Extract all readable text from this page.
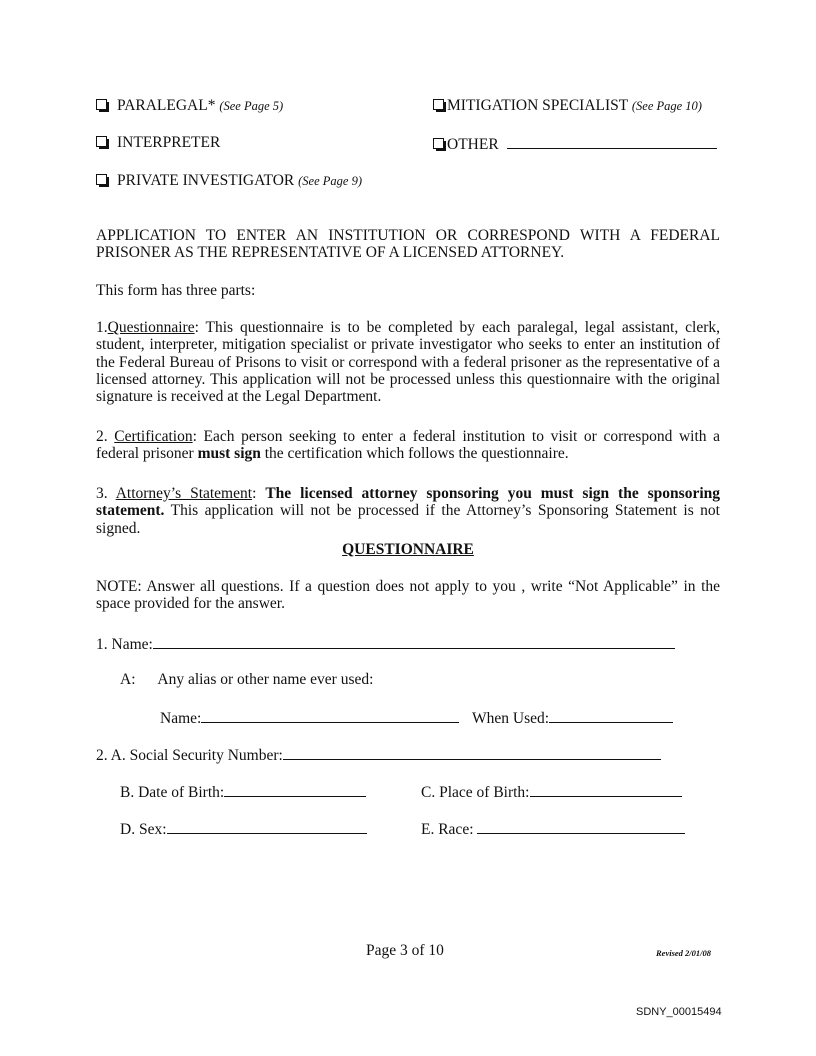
PARALEGAL* (See Page 5)	MITIGATION SPECIALIST (See Page 10)
INTERPRETER	OTHER
PRIVATE INVESTIGATOR (See Page 9)
APPLICATION TO ENTER AN INSTITUTION OR CORRESPOND WITH A FEDERAL PRISONER AS THE REPRESENTATIVE OF A LICENSED ATTORNEY.
This form has three parts:
1.Questionnaire: This questionnaire is to be completed by each paralegal, legal assistant, clerk, student, interpreter, mitigation specialist or private investigator who seeks to enter an institution of the Federal Bureau of Prisons to visit or correspond with a federal prisoner as the representative of a licensed attorney. This application will not be processed unless this questionnaire with the original signature is received at the Legal Department.
2. Certification: Each person seeking to enter a federal institution to visit or correspond with a federal prisoner must sign the certification which follows the questionnaire.
3. Attorney’s Statement: The licensed attorney sponsoring you must sign the sponsoring statement. This application will not be processed if the Attorney’s Sponsoring Statement is not signed.
QUESTIONNAIRE
NOTE: Answer all questions. If a question does not apply to you , write “Not Applicable” in the space provided for the answer.
1. Name:
A: Any alias or other name ever used:
Name:	When Used:
2. A. Social Security Number:
B. Date of Birth:	C. Place of Birth:
D. Sex:	E. Race:
Page 3 of 10	Revised 2/01/08
SDNY_00015494
